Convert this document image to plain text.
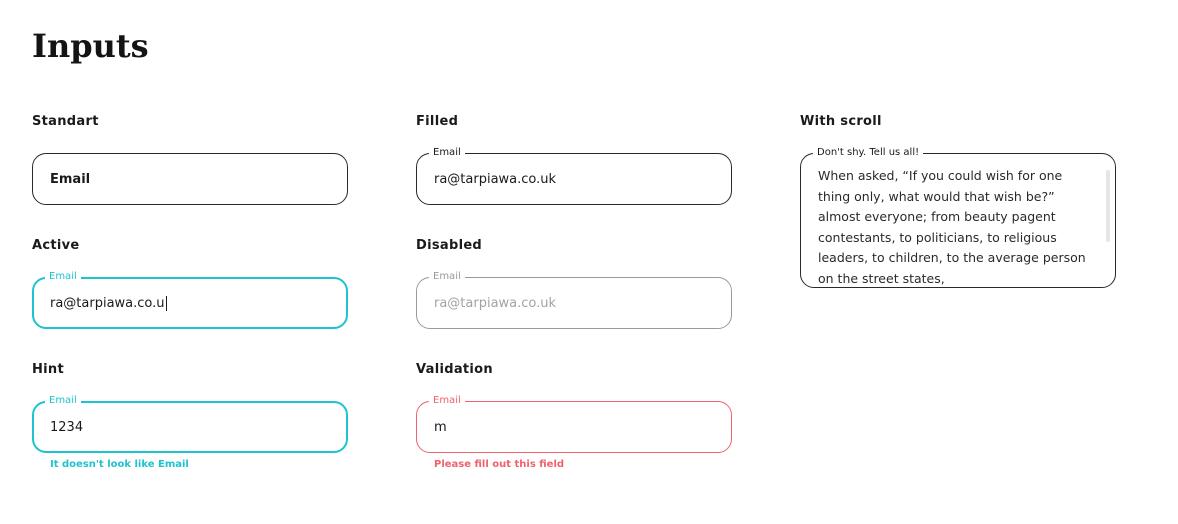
Inputs
Standart
Email
Active
Email
ra@tarpiawa.co.u
Hint
Email
1234
It doesn't look like Email
Filled
Email
ra@tarpiawa.co.uk
Disabled
Email
ra@tarpiawa.co.uk
Validation
Email
m
Please fill out this field
With scroll
Don't shy. Tell us all!

When asked, “If you could wish for one thing only, what would that wish be?” almost everyone; from beauty pagent contestants, to politicians, to religious leaders, to children, to the average person on the street states,
